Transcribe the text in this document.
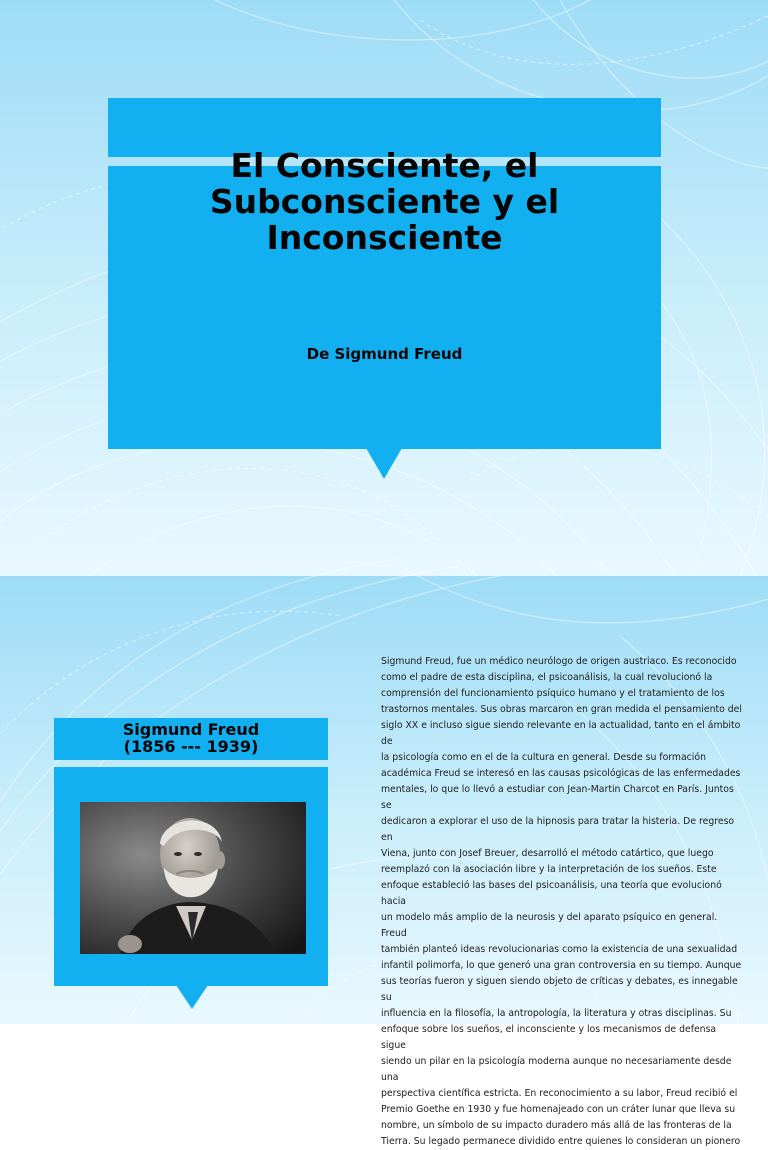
El Consciente, el
Subconsciente y el
Inconsciente
De Sigmund Freud
Sigmund Freud
(1856 --- 1939)

Sigmund Freud, fue un médico neurólogo de origen austriaco. Es reconocido
como el padre de esta disciplina, el psicoanálisis, la cual revolucionó la
comprensión del funcionamiento psíquico humano y el tratamiento de los
trastornos mentales. Sus obras marcaron en gran medida el pensamiento del
siglo XX e incluso sigue siendo relevante en la actualidad, tanto en el ámbito de
la psicología como en el de la cultura en general. Desde su formación
académica Freud se interesó en las causas psicológicas de las enfermedades
mentales, lo que lo llevó a estudiar con Jean-Martin Charcot en París. Juntos se
dedicaron a explorar el uso de la hipnosis para tratar la histeria. De regreso en
Viena, junto con Josef Breuer, desarrolló el método catártico, que luego
reemplazó con la asociación libre y la interpretación de los sueños. Este
enfoque estableció las bases del psicoanálisis, una teoría que evolucionó hacia
un modelo más amplio de la neurosis y del aparato psíquico en general. Freud
también planteó ideas revolucionarias como la existencia de una sexualidad
infantil polimorfa, lo que generó una gran controversia en su tiempo. Aunque
sus teorías fueron y siguen siendo objeto de críticas y debates, es innegable su
influencia en la filosofía, la antropología, la literatura y otras disciplinas. Su
enfoque sobre los sueños, el inconsciente y los mecanismos de defensa sigue
siendo un pilar en la psicología moderna aunque no necesariamente desde una
perspectiva científica estricta. En reconocimiento a su labor, Freud recibió el
Premio Goethe en 1930 y fue homenajeado con un cráter lunar que lleva su
nombre, un símbolo de su impacto duradero más allá de las fronteras de la
Tierra. Su legado permanece dividido entre quienes lo consideran un pionero
